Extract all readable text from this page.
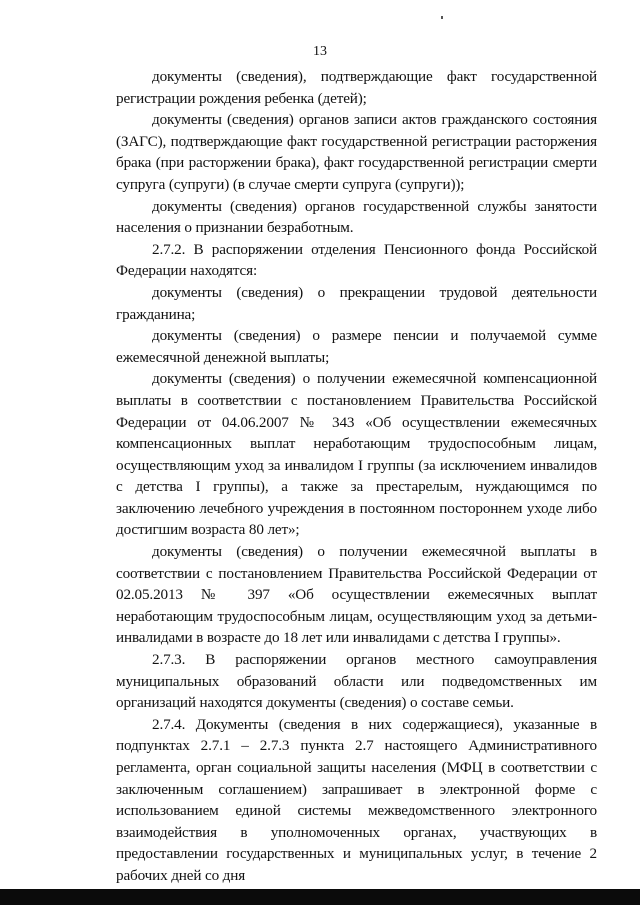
13

документы (сведения), подтверждающие факт государственной регистрации рождения ребенка (детей);

документы (сведения) органов записи актов гражданского состояния (ЗАГС), подтверждающие факт государственной регистрации расторжения брака (при расторжении брака), факт государственной регистрации смерти супруга (супруги) (в случае смерти супруга (супруги));

документы (сведения) органов государственной службы занятости населения о признании безработным.

2.7.2. В распоряжении отделения Пенсионного фонда Российской Федерации находятся:

документы (сведения) о прекращении трудовой деятельности гражданина;

документы (сведения) о размере пенсии и получаемой сумме ежемесячной денежной выплаты;

документы (сведения) о получении ежемесячной компенсационной выплаты в соответствии с постановлением Правительства Российской Федерации от 04.06.2007 № 343 «Об осуществлении ежемесячных компенсационных выплат неработающим трудоспособным лицам, осуществляющим уход за инвалидом I группы (за исключением инвалидов с детства I группы), а также за престарелым, нуждающимся по заключению лечебного учреждения в постоянном постороннем уходе либо достигшим возраста 80 лет»;

документы (сведения) о получении ежемесячной выплаты в соответствии с постановлением Правительства Российской Федерации от 02.05.2013 № 397 «Об осуществлении ежемесячных выплат неработающим трудоспособным лицам, осуществляющим уход за детьми-инвалидами в возрасте до 18 лет или инвалидами с детства I группы».

2.7.3. В распоряжении органов местного самоуправления муниципальных образований области или подведомственных им организаций находятся документы (сведения) о составе семьи.

2.7.4. Документы (сведения в них содержащиеся), указанные в подпунктах 2.7.1 – 2.7.3 пункта 2.7 настоящего Административного регламента, орган социальной защиты населения (МФЦ в соответствии с заключенным соглашением) запрашивает в электронной форме с использованием единой системы межведомственного электронного взаимодействия в уполномоченных органах, участвующих в предоставлении государственных и муниципальных услуг, в течение 2 рабочих дней со дня
